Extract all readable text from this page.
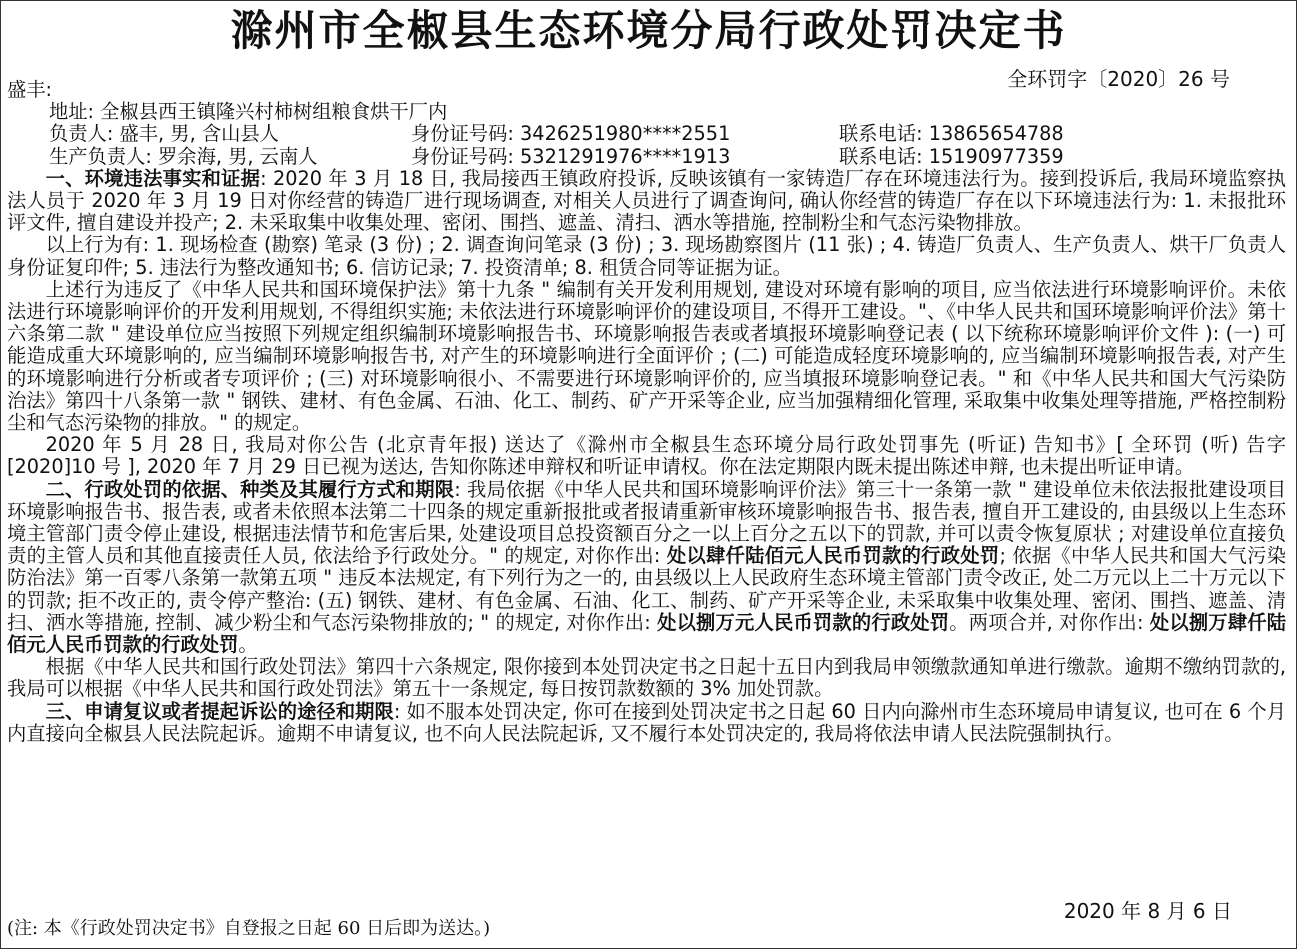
滁州市全椒县生态环境分局行政处罚决定书
全环罚字〔2020〕26 号

盛丰:

地址: 全椒县西王镇隆兴村柿树组粮食烘干厂内

负责人: 盛丰, 男, 含山县人	身份证号码: 3426251980****2551	联系电话: 13865654788

生产负责人: 罗余海, 男, 云南人	身份证号码: 5321291976****1913	联系电话: 15190977359

一、环境违法事实和证据: 2020 年 3 月 18 日, 我局接西王镇政府投诉, 反映该镇有一家铸造厂存在环境违法行为。接到投诉后, 我局环境监察执法人员于 2020 年 3 月 19 日对你经营的铸造厂进行现场调查, 对相关人员进行了调查询问, 确认你经营的铸造厂存在以下环境违法行为: 1. 未报批环评文件, 擅自建设并投产; 2. 未采取集中收集处理、密闭、围挡、遮盖、清扫、洒水等措施, 控制粉尘和气态污染物排放。

以上行为有: 1. 现场检查 (勘察) 笔录 (3 份) ; 2. 调查询问笔录 (3 份) ; 3. 现场勘察图片 (11 张) ; 4. 铸造厂负责人、生产负责人、烘干厂负责人身份证复印件; 5. 违法行为整改通知书; 6. 信访记录; 7. 投资清单; 8. 租赁合同等证据为证。

上述行为违反了《中华人民共和国环境保护法》第十九条 " 编制有关开发利用规划, 建设对环境有影响的项目, 应当依法进行环境影响评价。未依法进行环境影响评价的开发利用规划, 不得组织实施; 未依法进行环境影响评价的建设项目, 不得开工建设。"、《中华人民共和国环境影响评价法》第十六条第二款 " 建设单位应当按照下列规定组织编制环境影响报告书、环境影响报告表或者填报环境影响登记表 ( 以下统称环境影响评价文件 ): (一) 可能造成重大环境影响的, 应当编制环境影响报告书, 对产生的环境影响进行全面评价 ; (二) 可能造成轻度环境影响的, 应当编制环境影响报告表, 对产生的环境影响进行分析或者专项评价 ; (三) 对环境影响很小、不需要进行环境影响评价的, 应当填报环境影响登记表。" 和《中华人民共和国大气污染防治法》第四十八条第一款 " 钢铁、建材、有色金属、石油、化工、制药、矿产开采等企业, 应当加强精细化管理, 采取集中收集处理等措施, 严格控制粉尘和气态污染物的排放。" 的规定。

2020 年 5 月 28 日, 我局对你公告 (北京青年报) 送达了《滁州市全椒县生态环境分局行政处罚事先 (听证) 告知书》[ 全环罚 (听) 告字 [2020]10 号 ], 2020 年 7 月 29 日已视为送达, 告知你陈述申辩权和听证申请权。你在法定期限内既未提出陈述申辩, 也未提出听证申请。

二、行政处罚的依据、种类及其履行方式和期限: 我局依据《中华人民共和国环境影响评价法》第三十一条第一款 " 建设单位未依法报批建设项目环境影响报告书、报告表, 或者未依照本法第二十四条的规定重新报批或者报请重新审核环境影响报告书、报告表, 擅自开工建设的, 由县级以上生态环境主管部门责令停止建设, 根据违法情节和危害后果, 处建设项目总投资额百分之一以上百分之五以下的罚款, 并可以责令恢复原状 ; 对建设单位直接负责的主管人员和其他直接责任人员, 依法给予行政处分。" 的规定, 对你作出: 处以肆仟陆佰元人民币罚款的行政处罚; 依据《中华人民共和国大气污染防治法》第一百零八条第一款第五项 " 违反本法规定, 有下列行为之一的, 由县级以上人民政府生态环境主管部门责令改正, 处二万元以上二十万元以下的罚款; 拒不改正的, 责令停产整治: (五) 钢铁、建材、有色金属、石油、化工、制药、矿产开采等企业, 未采取集中收集处理、密闭、围挡、遮盖、清扫、洒水等措施, 控制、减少粉尘和气态污染物排放的; " 的规定, 对你作出: 处以捌万元人民币罚款的行政处罚。两项合并, 对你作出: 处以捌万肆仟陆佰元人民币罚款的行政处罚。

根据《中华人民共和国行政处罚法》第四十六条规定, 限你接到本处罚决定书之日起十五日内到我局申领缴款通知单进行缴款。逾期不缴纳罚款的, 我局可以根据《中华人民共和国行政处罚法》第五十一条规定, 每日按罚款数额的 3% 加处罚款。

三、申请复议或者提起诉讼的途径和期限: 如不服本处罚决定, 你可在接到处罚决定书之日起 60 日内向滁州市生态环境局申请复议, 也可在 6 个月内直接向全椒县人民法院起诉。逾期不申请复议, 也不向人民法院起诉, 又不履行本处罚决定的, 我局将依法申请人民法院强制执行。

2020 年 8 月 6 日
(注: 本《行政处罚决定书》自登报之日起 60 日后即为送达。)
